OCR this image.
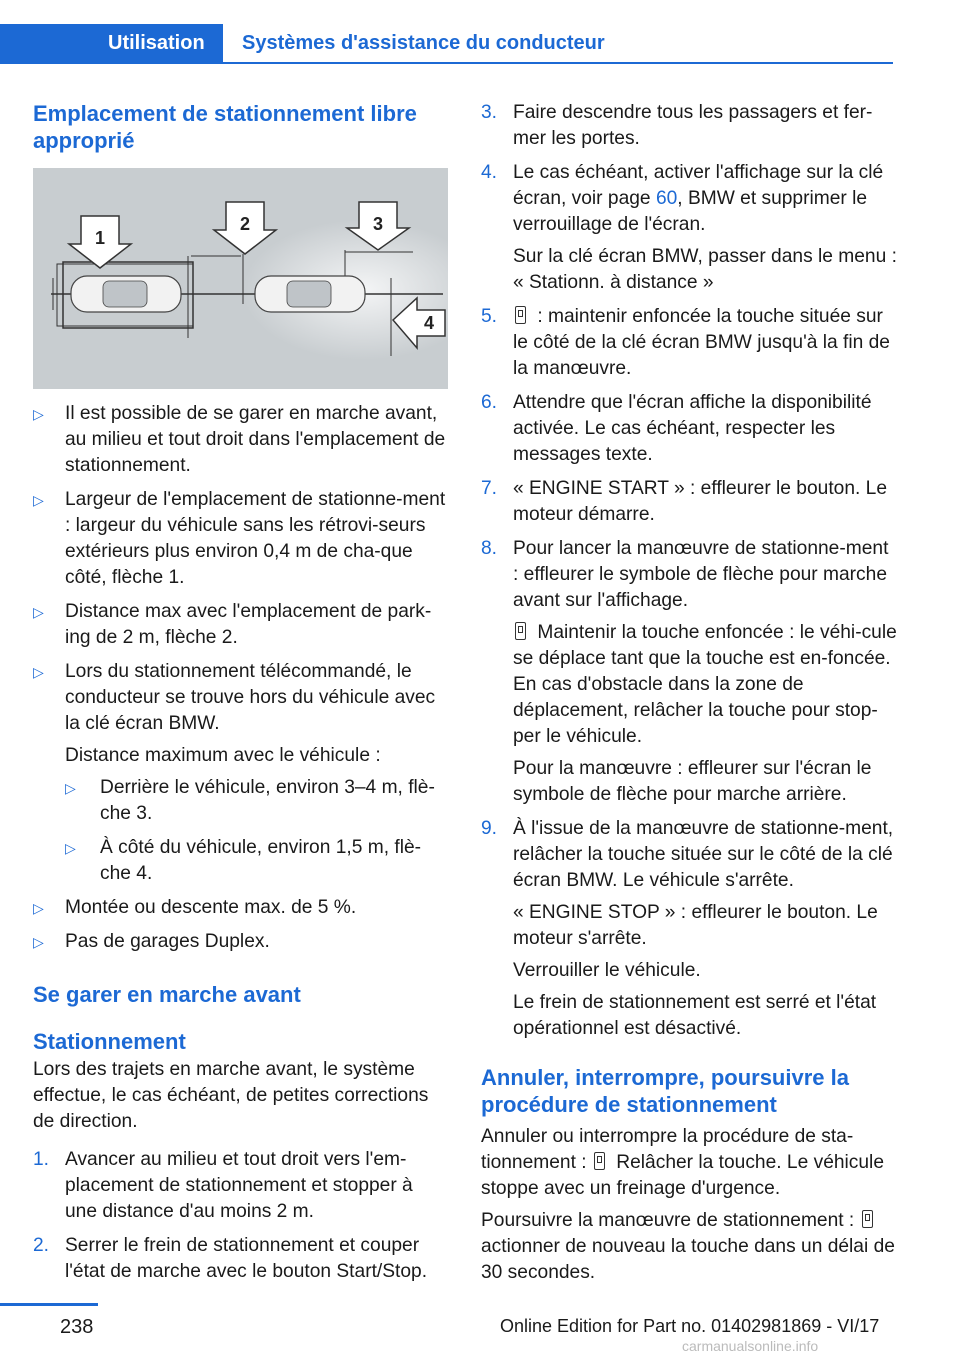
Utilisation	Systèmes d'assistance du conducteur
Emplacement de stationnement libre approprié
1
2	3
4
▷ Il est possible de se garer en marche avant, au milieu et tout droit dans l'emplacement de stationnement.
▷ Largeur de l'emplacement de stationne-ment : largeur du véhicule sans les rétrovi-seurs extérieurs plus environ 0,4 m de cha-que côté, flèche 1.
▷ Distance max avec l'emplacement de park-ing de 2 m, flèche 2.
▷ Lors du stationnement télécommandé, le conducteur se trouve hors du véhicule avec la clé écran BMW.

Distance maximum avec le véhicule :

▷ Derrière le véhicule, environ 3–4 m, flè-che 3.
▷ À côté du véhicule, environ 1,5 m, flè-che 4.
▷ Montée ou descente max. de 5 %.
▷ Pas de garages Duplex.
Se garer en marche avant
Stationnement

Lors des trajets en marche avant, le système effectue, le cas échéant, de petites corrections de direction.

1. Avancer au milieu et tout droit vers l'em-placement de stationnement et stopper à une distance d'au moins 2 m.
2. Serrer le frein de stationnement et couper l'état de marche avec le bouton Start/Stop.
3. Faire descendre tous les passagers et fer-mer les portes.
4. Le cas échéant, activer l'affichage sur la clé écran, voir page 60, BMW et supprimer le verrouillage de l'écran.

Sur la clé écran BMW, passer dans le menu : « Stationn. à distance »

5. : maintenir enfoncée la touche située sur le côté de la clé écran BMW jusqu'à la fin de la manœuvre.
6. Attendre que l'écran affiche la disponibilité activée. Le cas échéant, respecter les messages texte.
7. « ENGINE START » : effleurer le bouton. Le moteur démarre.
8. Pour lancer la manœuvre de stationne-ment : effleurer le symbole de flèche pour marche avant sur l'affichage.

Maintenir la touche enfoncée : le véhi-cule se déplace tant que la touche est en-foncée. En cas d'obstacle dans la zone de déplacement, relâcher la touche pour stop-per le véhicule.

Pour la manœuvre : effleurer sur l'écran le symbole de flèche pour marche arrière.

9. À l'issue de la manœuvre de stationne-ment, relâcher la touche située sur le côté de la clé écran BMW. Le véhicule s'arrête.

« ENGINE STOP » : effleurer le bouton. Le moteur s'arrête.

Verrouiller le véhicule.

Le frein de stationnement est serré et l'état opérationnel est désactivé.

Annuler, interrompre, poursuivre la procédure de stationnement

Annuler ou interrompre la procédure de sta-tionnement :  Relâcher la touche. Le véhicule stoppe avec un freinage d'urgence.

Poursuivre la manœuvre de stationnement :  actionner de nouveau la touche dans un délai de 30 secondes.

238	Online Edition for Part no. 01402981869 - VI/17
carmanualsonline.info
